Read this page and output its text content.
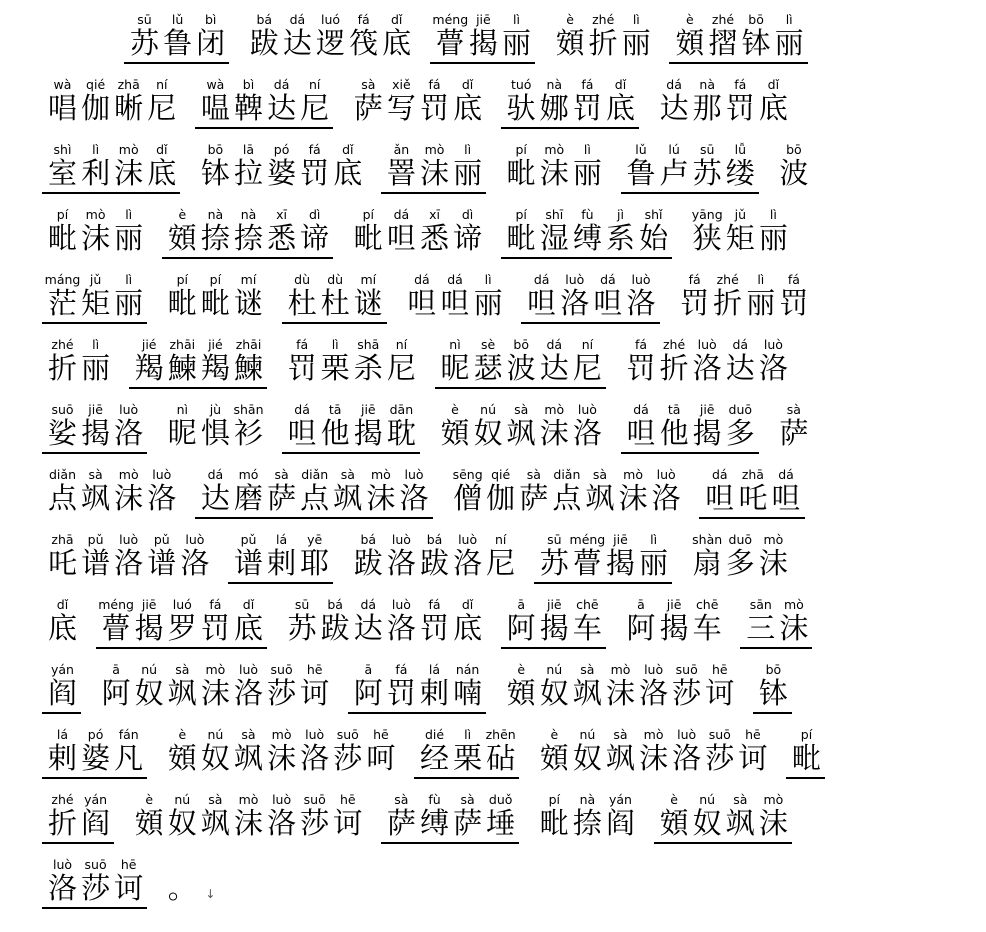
sū
苏
lǔ
鲁
bì
闭
bá
跋
dá
达
luó
逻
fá
筏
dǐ
底
méng
瞢
jiē
揭
lì
丽
è
頞
zhé
折
lì
丽
è
頞
zhé
摺
bō
钵
lì
丽
wà
唱
qié
伽
zhā
晰
ní
尼
wà
嗢
bì
鞞
dá
达
ní
尼
sà
萨
xiě
写
fá
罚
dǐ
底
tuó
驮
nà
娜
fá
罚
dǐ
底
dá
达
nà
那
fá
罚
dǐ
底
shì
室
lì
利
mò
沫
dǐ
底
bō
钵
lā
拉
pó
婆
fá
罚
dǐ
底
ǎn
罯
mò
沫
lì
丽
pí
毗
mò
沫
lì
丽
lǔ
鲁
lú
卢
sū
苏
lǚ
缕
bō
波
pí
毗
mò
沫
lì
丽
è
頞
nà
捺
nà
捺
xī
悉
dì
谛
pí
毗
dá
呾
xī
悉
dì
谛
pí
毗
shī
湿
fù
缚
jì
系
shǐ
始
yāng
狭
jǔ
矩
lì
丽
máng
茫
jǔ
矩
lì
丽
pí
毗
pí
毗
mí
谜
dù
杜
dù
杜
mí
谜
dá
呾
dá
呾
lì
丽
dá
呾
luò
洛
dá
呾
luò
洛
fá
罚
zhé
折
lì
丽
fá
罚
zhé
折
lì
丽
jié
羯
zhāi
鰊
jié
羯
zhāi
鰊
fá
罚
lì
栗
shā
杀
ní
尼
nì
昵
sè
瑟
bō
波
dá
达
ní
尼
fá
罚
zhé
折
luò
洛
dá
达
luò
洛
suō
娑
jiē
揭
luò
洛
nì
昵
jù
惧
shān
衫
dá
呾
tā
他
jiē
揭
dān
耽
è
頞
nú
奴
sà
飒
mò
沫
luò
洛
dá
呾
tā
他
jiē
揭
duō
多
sà
萨
diǎn
点
sà
飒
mò
沫
luò
洛
dá
达
mó
磨
sà
萨
diǎn
点
sà
飒
mò
沫
luò
洛
sēng
僧
qié
伽
sà
萨
diǎn
点
sà
飒
mò
沫
luò
洛
dá
呾
zhā
吒
dá
呾
zhā
吒
pǔ
谱
luò
洛
pǔ
谱
luò
洛
pǔ
谱
lá
剌
yē
耶
bá
跋
luò
洛
bá
跋
luò
洛
ní
尼
sū
苏
méng
瞢
jiē
揭
lì
丽
shàn
扇
duō
多
mò
沫
dǐ
底
méng
瞢
jiē
揭
luó
罗
fá
罚
dǐ
底
sū
苏
bá
跋
dá
达
luò
洛
fá
罚
dǐ
底
ā
阿
jiē
揭
chē
车
ā
阿
jiē
揭
chē
车
sān
三
mò
沫
yán
阎
ā
阿
nú
奴
sà
飒
mò
沫
luò
洛
suō
莎
hē
诃
ā
阿
fá
罚
lá
剌
nán
喃
è
頞
nú
奴
sà
飒
mò
沫
luò
洛
suō
莎
hē
诃
bō
钵
lá
剌
pó
婆
fán
凡
è
頞
nú
奴
sà
飒
mò
沫
luò
洛
suō
莎
hē
呵
dié
经
lì
栗
zhēn
砧
è
頞
nú
奴
sà
飒
mò
沫
luò
洛
suō
莎
hē
诃
pí
毗
zhé
折
yán
阎
è
頞
nú
奴
sà
飒
mò
沫
luò
洛
suō
莎
hē
诃
sà
萨
fù
缚
sà
萨
duǒ
埵
pí
毗
nà
捺
yán
阎
è
頞
nú
奴
sà
飒
mò
沫
luò
洛
suō
莎
hē
诃 。 ↓
